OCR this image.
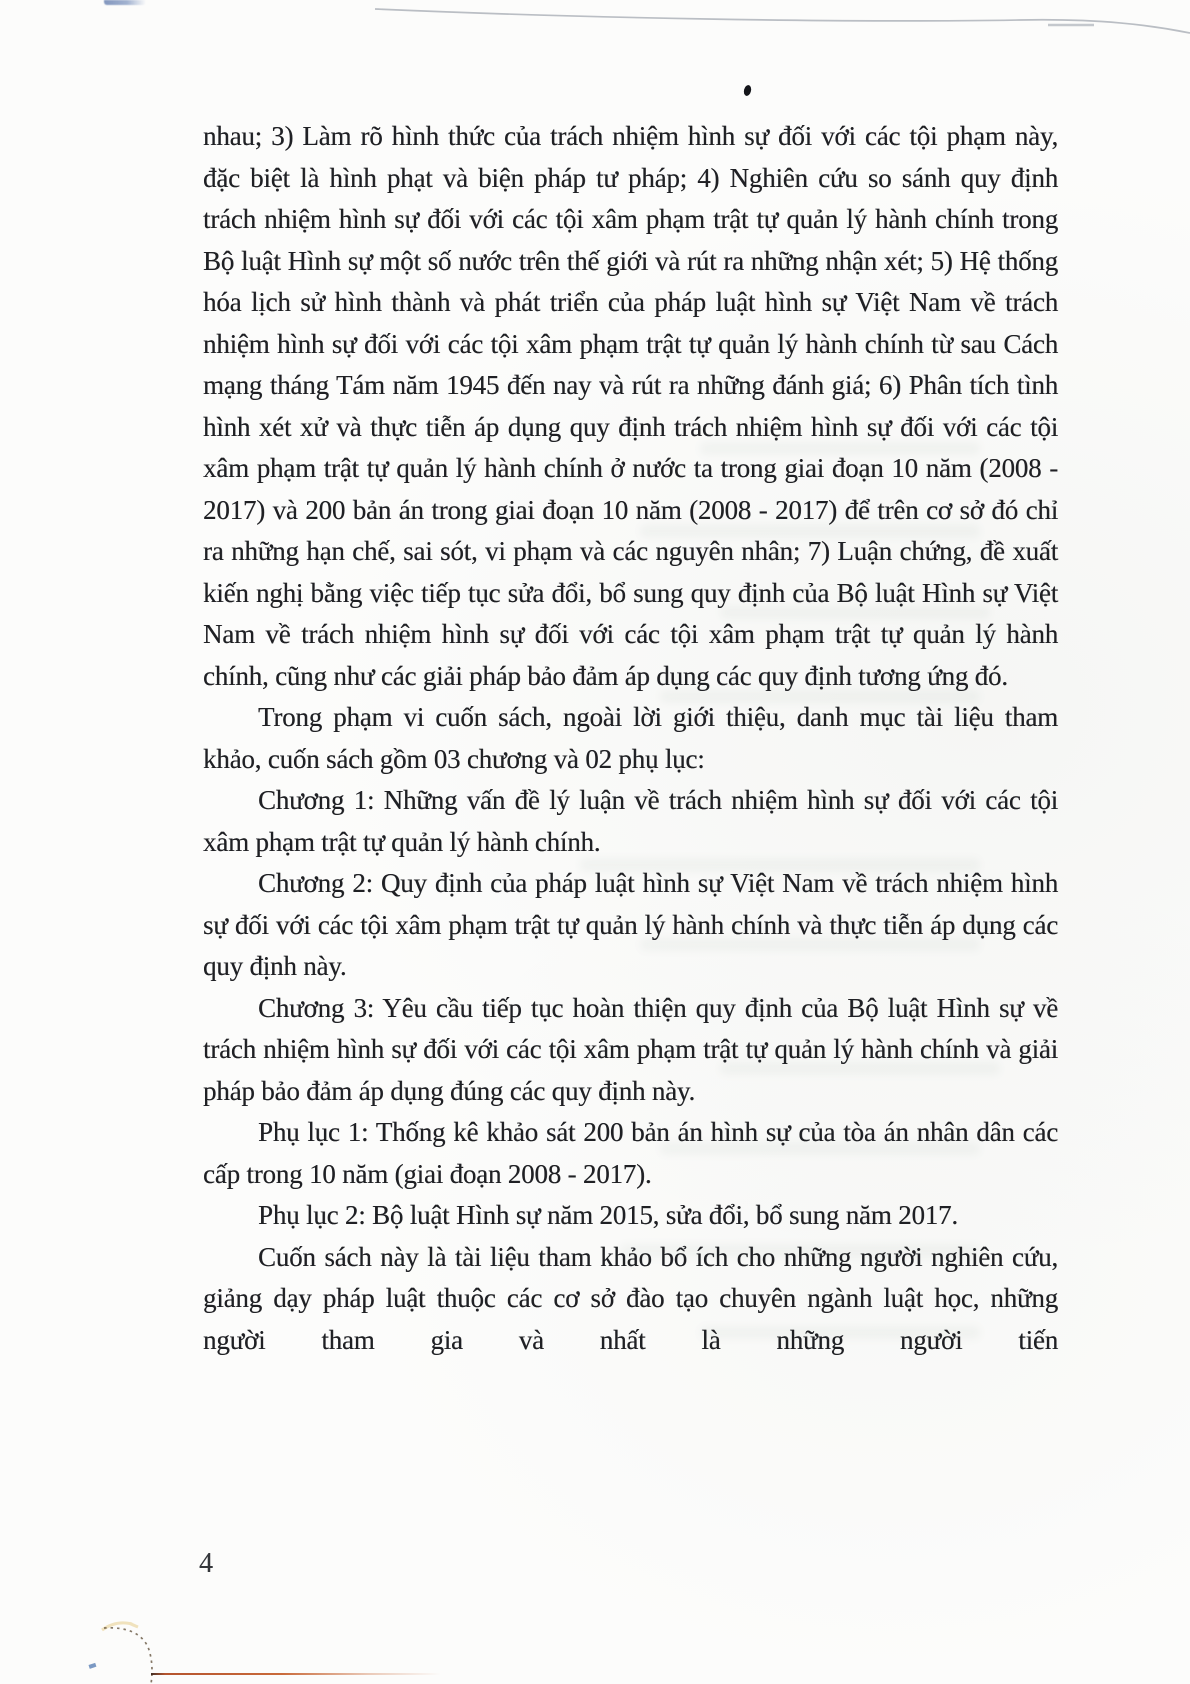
nhau; 3) Làm rõ hình thức của trách nhiệm hình sự đối với các tội phạm này, đặc biệt là hình phạt và biện pháp tư pháp; 4) Nghiên cứu so sánh quy định trách nhiệm hình sự đối với các tội xâm phạm trật tự quản lý hành chính trong Bộ luật Hình sự một số nước trên thế giới và rút ra những nhận xét; 5) Hệ thống hóa lịch sử hình thành và phát triển của pháp luật hình sự Việt Nam về trách nhiệm hình sự đối với các tội xâm phạm trật tự quản lý hành chính từ sau Cách mạng tháng Tám năm 1945 đến nay và rút ra những đánh giá; 6) Phân tích tình hình xét xử và thực tiễn áp dụng quy định trách nhiệm hình sự đối với các tội xâm phạm trật tự quản lý hành chính ở nước ta trong giai đoạn 10 năm (2008 - 2017) và 200 bản án trong giai đoạn 10 năm (2008 - 2017) để trên cơ sở đó chỉ ra những hạn chế, sai sót, vi phạm và các nguyên nhân; 7) Luận chứng, đề xuất kiến nghị bằng việc tiếp tục sửa đổi, bổ sung quy định của Bộ luật Hình sự Việt Nam về trách nhiệm hình sự đối với các tội xâm phạm trật tự quản lý hành chính, cũng như các giải pháp bảo đảm áp dụng các quy định tương ứng đó.

Trong phạm vi cuốn sách, ngoài lời giới thiệu, danh mục tài liệu tham khảo, cuốn sách gồm 03 chương và 02 phụ lục:

Chương 1: Những vấn đề lý luận về trách nhiệm hình sự đối với các tội xâm phạm trật tự quản lý hành chính.

Chương 2: Quy định của pháp luật hình sự Việt Nam về trách nhiệm hình sự đối với các tội xâm phạm trật tự quản lý hành chính và thực tiễn áp dụng các quy định này.

Chương 3: Yêu cầu tiếp tục hoàn thiện quy định của Bộ luật Hình sự về trách nhiệm hình sự đối với các tội xâm phạm trật tự quản lý hành chính và giải pháp bảo đảm áp dụng đúng các quy định này.

Phụ lục 1: Thống kê khảo sát 200 bản án hình sự của tòa án nhân dân các cấp trong 10 năm (giai đoạn 2008 - 2017).

Phụ lục 2: Bộ luật Hình sự năm 2015, sửa đổi, bổ sung năm 2017.

Cuốn sách này là tài liệu tham khảo bổ ích cho những người nghiên cứu, giảng dạy pháp luật thuộc các cơ sở đào tạo chuyên ngành luật học, những người tham gia và nhất là những người tiến

4
